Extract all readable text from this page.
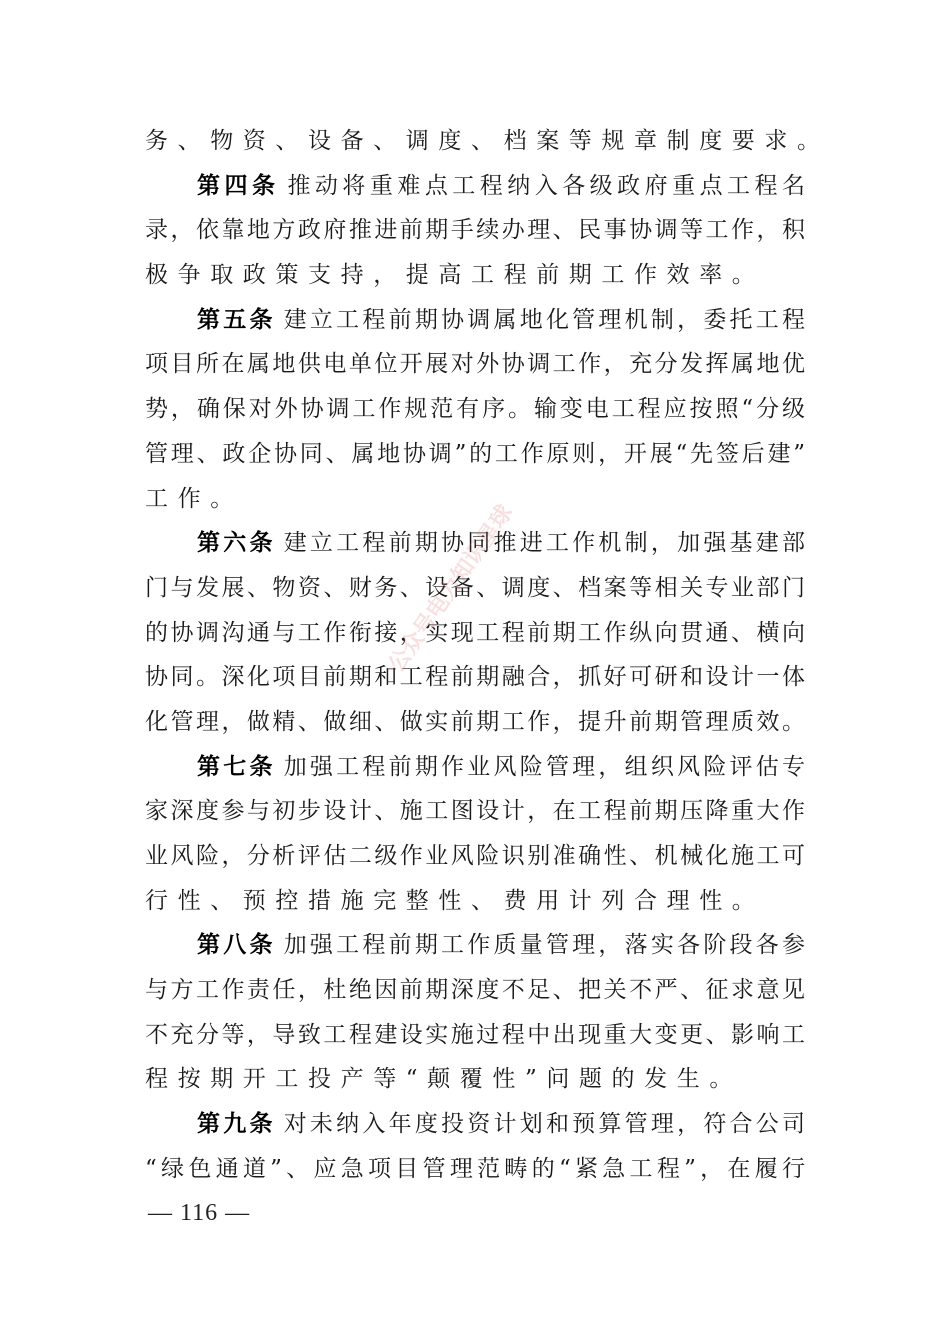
务、物资、设备、调度、档案等规章制度要求。
第四条 推动将重难点工程纳入各级政府重点工程名
录，依靠地方政府推进前期手续办理、民事协调等工作，积
极争取政策支持，提高工程前期工作效率。
第五条 建立工程前期协调属地化管理机制，委托工程
项目所在属地供电单位开展对外协调工作，充分发挥属地优
势，确保对外协调工作规范有序。输变电工程应按照“分级
管理、政企协同、属地协调”的工作原则，开展“先签后建”
工作。
第六条 建立工程前期协同推进工作机制，加强基建部
门与发展、物资、财务、设备、调度、档案等相关专业部门
的协调沟通与工作衔接，实现工程前期工作纵向贯通、横向
协同。深化项目前期和工程前期融合，抓好可研和设计一体
化管理，做精、做细、做实前期工作，提升前期管理质效。
第七条 加强工程前期作业风险管理，组织风险评估专
家深度参与初步设计、施工图设计，在工程前期压降重大作
业风险，分析评估二级作业风险识别准确性、机械化施工可
行性、预控措施完整性、费用计列合理性。
第八条 加强工程前期工作质量管理，落实各阶段各参
与方工作责任，杜绝因前期深度不足、把关不严、征求意见
不充分等，导致工程建设实施过程中出现重大变更、影响工
程按期开工投产等“颠覆性”问题的发生。
第九条 对未纳入年度投资计划和预算管理，符合公司
“绿色通道”、应急项目管理范畴的“紧急工程”，在履行
公众号电力知识星球
— 116 —
